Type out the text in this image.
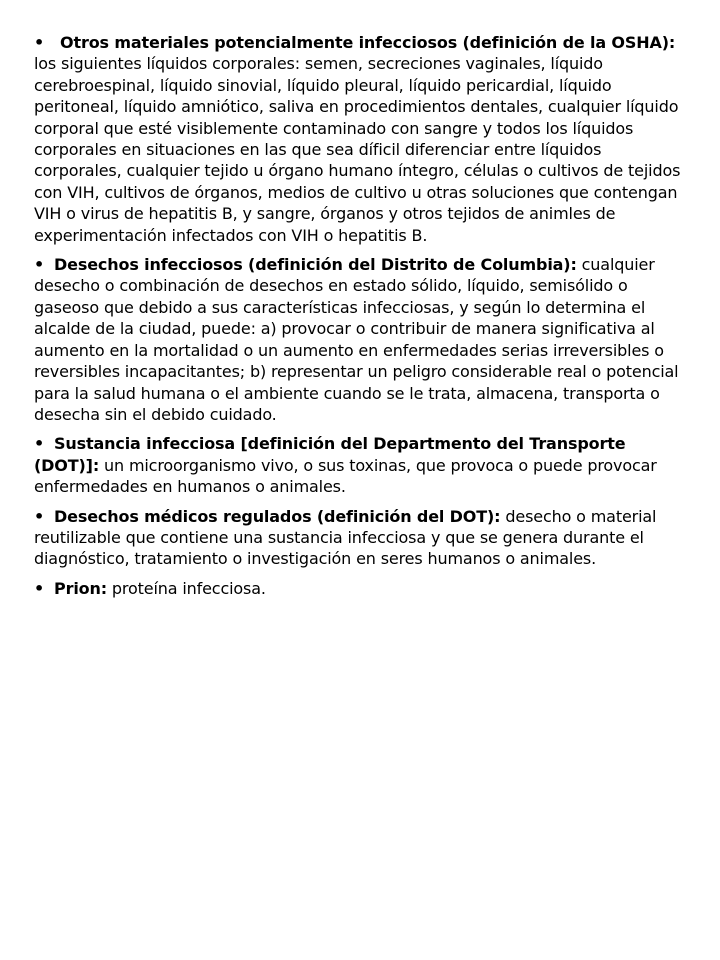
• Otros materiales potencialmente infecciosos (definición de la OSHA): los siguientes líquidos corporales: semen, secreciones vaginales, líquido cerebroespinal, líquido sinovial, líquido pleural, líquido pericardial, líquido peritoneal, líquido amniótico, saliva en procedimientos dentales, cualquier líquido corporal que esté visiblemente contaminado con sangre y todos los líquidos corporales en situaciones en las que sea díficil diferenciar entre líquidos corporales, cualquier tejido u órgano humano íntegro, células o cultivos de tejidos con VIH, cultivos de órganos, medios de cultivo u otras soluciones que contengan VIH o virus de hepatitis B, y sangre, órganos y otros tejidos de animles de experimentación infectados con VIH o hepatitis B.

• Desechos infecciosos (definición del Distrito de Columbia): cualquier desecho o combinación de desechos en estado sólido, líquido, semisólido o gaseoso que debido a sus características infecciosas, y según lo determina el alcalde de la ciudad, puede: a) provocar o contribuir de manera significativa al aumento en la mortalidad o un aumento en enfermedades serias irreversibles o reversibles incapacitantes; b) representar un peligro considerable real o potencial para la salud humana o el ambiente cuando se le trata, almacena, transporta o desecha sin el debido cuidado.

• Sustancia infecciosa [definición del Departmento del Transporte (DOT)]: un microorganismo vivo, o sus toxinas, que provoca o puede provocar enfermedades en humanos o animales.

• Desechos médicos regulados (definición del DOT): desecho o material reutilizable que contiene una sustancia infecciosa y que se genera durante el diagnóstico, tratamiento o investigación en seres humanos o animales.

• Prion: proteína infecciosa.
